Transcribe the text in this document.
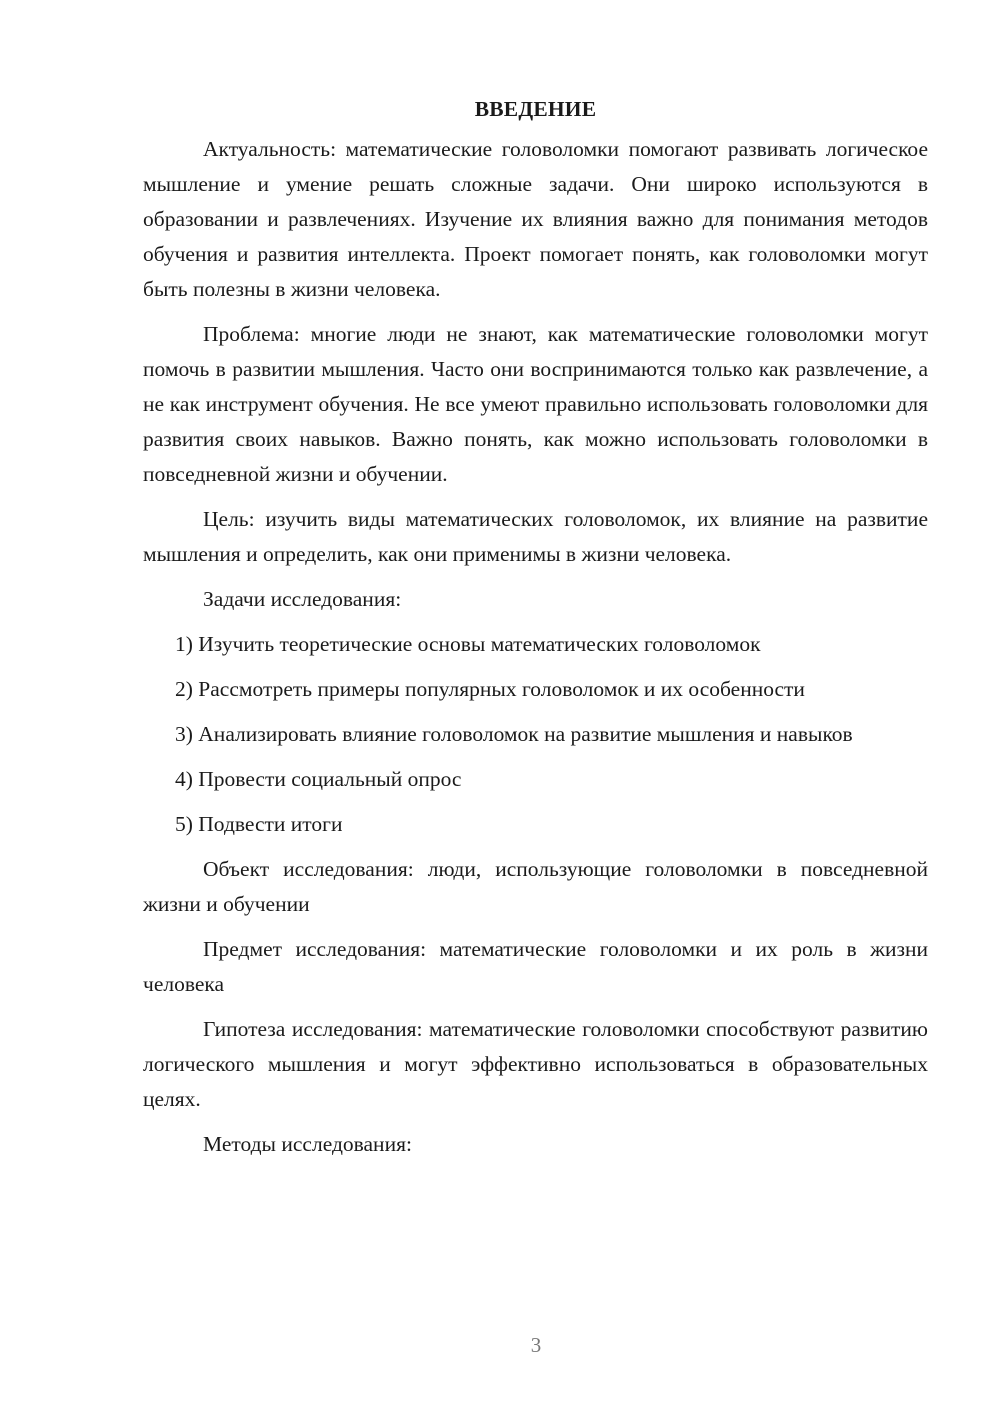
ВВЕДЕНИЕ

Актуальность: математические головоломки помогают развивать логическое мышление и умение решать сложные задачи. Они широко используются в образовании и развлечениях. Изучение их влияния важно для понимания методов обучения и развития интеллекта. Проект помогает понять, как головоломки могут быть полезны в жизни человека.

Проблема: многие люди не знают, как математические головоломки могут помочь в развитии мышления. Часто они воспринимаются только как развлечение, а не как инструмент обучения. Не все умеют правильно использовать головоломки для развития своих навыков. Важно понять, как можно использовать головоломки в повседневной жизни и обучении.

Цель: изучить виды математических головоломок, их влияние на развитие мышления и определить, как они применимы в жизни человека.

Задачи исследования:

1) Изучить теоретические основы математических головоломок

2) Рассмотреть примеры популярных головоломок и их особенности

3) Анализировать влияние головоломок на развитие мышления и навыков

4) Провести социальный опрос

5) Подвести итоги

Объект исследования: люди, использующие головоломки в повседневной жизни и обучении

Предмет исследования: математические головоломки и их роль в жизни человека

Гипотеза исследования: математические головоломки способствуют развитию логического мышления и могут эффективно использоваться в образовательных целях.

Методы исследования:

3
